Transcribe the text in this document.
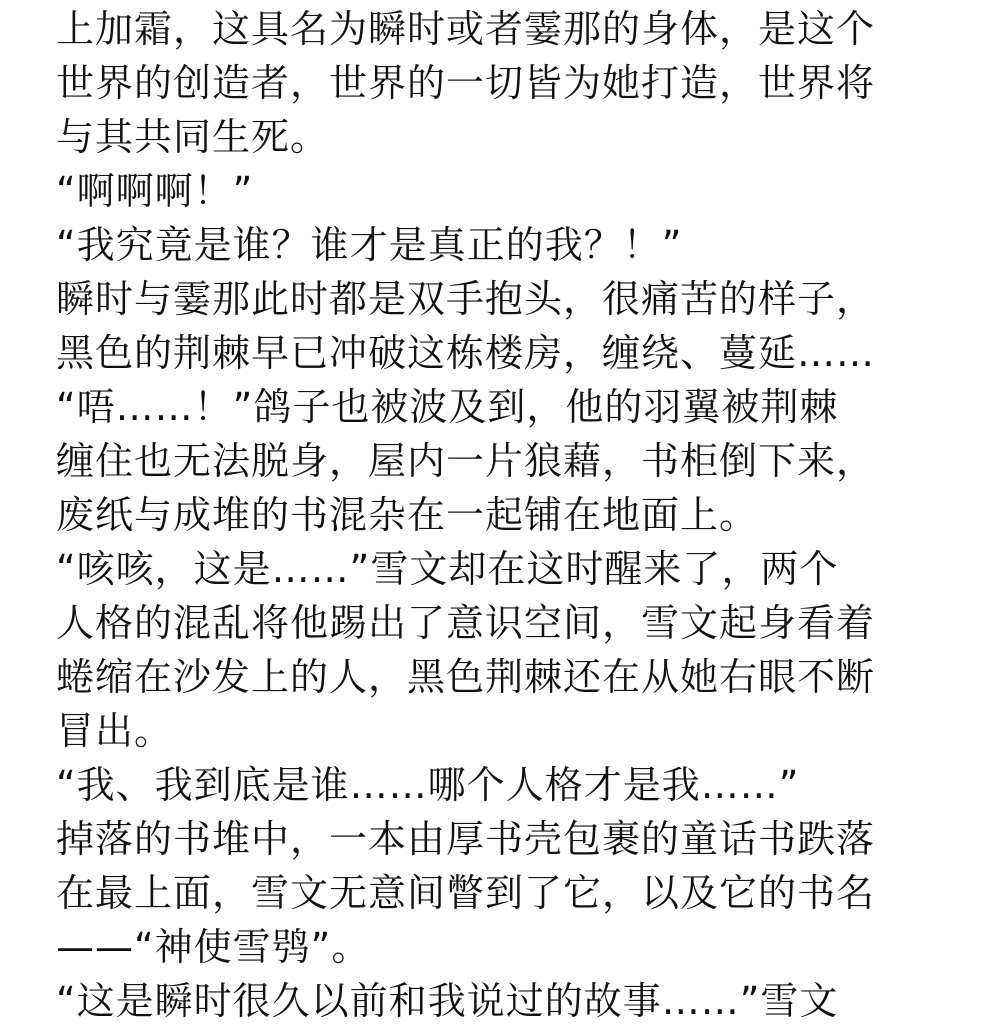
上加霜，这具名为瞬时或者霎那的身体，是这个
世界的创造者，世界的一切皆为她打造，世界将
与其共同生死。
“啊啊啊！”
“我究竟是谁？谁才是真正的我？！”
瞬时与霎那此时都是双手抱头，很痛苦的样子，
黑色的荆棘早已冲破这栋楼房，缠绕、蔓延……
“唔……！”鸽子也被波及到，他的羽翼被荆棘
缠住也无法脱身，屋内一片狼藉，书柜倒下来，
废纸与成堆的书混杂在一起铺在地面上。
“咳咳，这是……”雪文却在这时醒来了，两个
人格的混乱将他踢出了意识空间，雪文起身看着
蜷缩在沙发上的人，黑色荆棘还在从她右眼不断
冒出。
“我、我到底是谁……哪个人格才是我……”
掉落的书堆中，一本由厚书壳包裹的童话书跌落
在最上面，雪文无意间瞥到了它，以及它的书名
——“神使雪鸮”。
“这是瞬时很久以前和我说过的故事……”雪文
